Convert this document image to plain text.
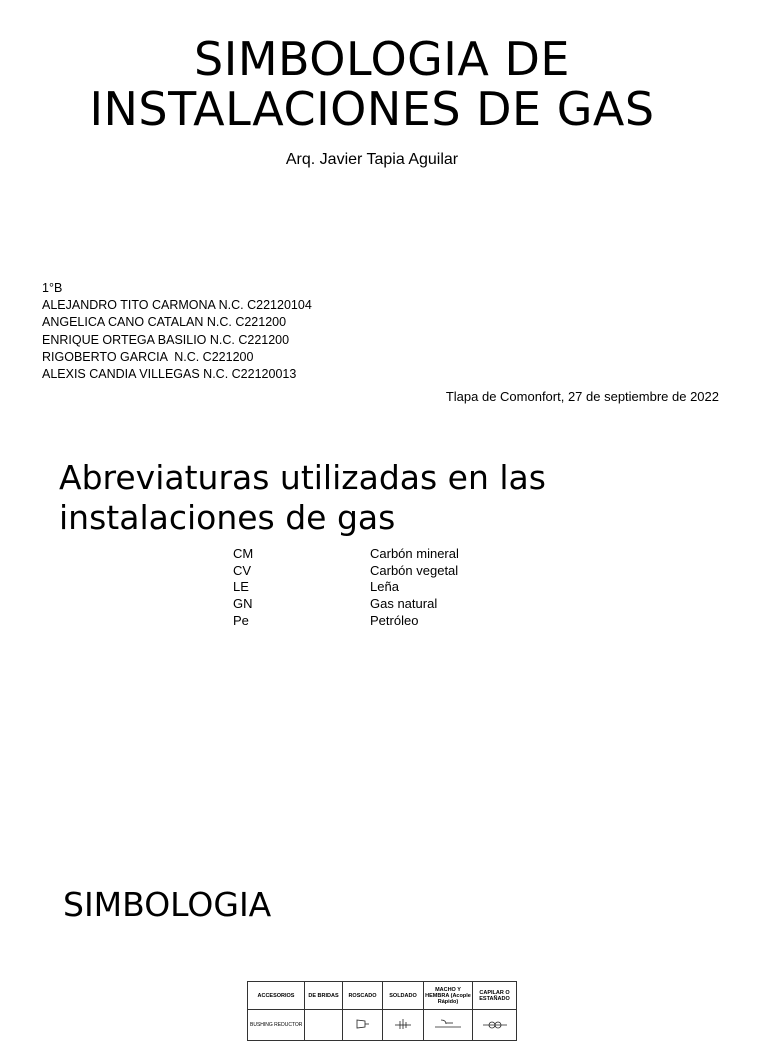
SIMBOLOGIA DE
INSTALACIONES DE GAS
Arq. Javier Tapia Aguilar
1°B
ALEJANDRO TITO CARMONA N.C. C22120104
ANGELICA CANO CATALAN N.C. C221200
ENRIQUE ORTEGA BASILIO N.C. C221200
RIGOBERTO GARCIA  N.C. C221200
ALEXIS CANDIA VILLEGAS N.C. C22120013
Tlapa de Comonfort, 27 de septiembre de 2022
Abreviaturas utilizadas en las
instalaciones de gas
CM	Carbón mineral
CV	Carbón vegetal
LE	Leña
GN	Gas natural
Pe	Petróleo
SIMBOLOGIA
ACCESORIOS	DE BRIDAS	ROSCADO	SOLDADO	MACHO Y HEMBRA (Acople Rápido)	CAPILAR O ESTAÑADO
BUSHING REDUCTOR					
